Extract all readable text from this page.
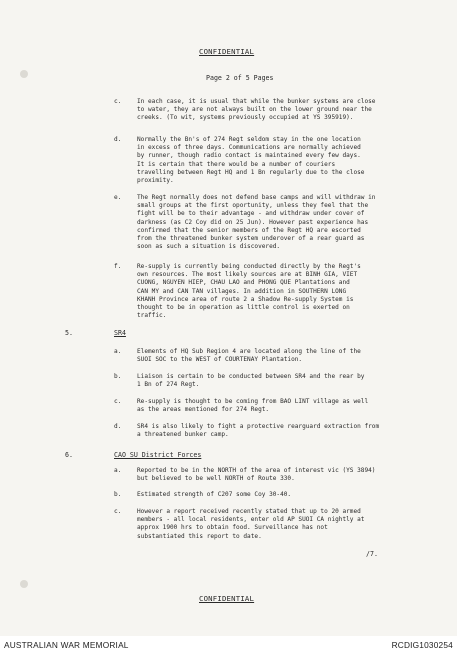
CONFIDENTIAL
Page 2 of 5 Pages
c.	In each case, it is usual that while the bunker systems are close
to water, they are not always built on the lower ground near the
creeks. (To wit, systems previously occupied at YS 395919).
d.	Normally the Bn's of 274 Regt seldom stay in the one location
in excess of three days. Communications are normally achieved
by runner, though radio contact is maintained every few days.
It is certain that there would be a number of couriers
travelling between Regt HQ and 1 Bn regularly due to the close
proximity.
e.	The Regt normally does not defend base camps and will withdraw in
small groups at the first oportunity, unless they feel that the
fight will be to their advantage - and withdraw under cover of
darkness (as C2 Coy did on 25 Jun). However past experience has
confirmed that the senior members of the Regt HQ are escorted
from the threatened bunker system underover of a rear guard as
soon as such a situation is discovered.
f.	Re-supply is currently being conducted directly by the Regt's
own resources. The most likely sources are at BINH GIA, VIET
CUONG, NGUYEN HIEP, CHAU LAO and PHONG QUE Plantations and
CAN MY and CAN TAN villages. In addition in SOUTHERN LONG
KHANH Province area of route 2 a Shadow Re-supply System is
thought to be in operation as little control is exerted on
traffic.
5.	SR4
a.	Elements of HQ Sub Region 4 are located along the line of the
SUOI SOC to the WEST of COURTENAY Plantation.
b.	Liaison is certain to be conducted between SR4 and the rear by
1 Bn of 274 Regt.
c.	Re-supply is thought to be coming from BAO LINT village as well
as the areas mentioned for 274 Regt.
d.	SR4 is also likely to fight a protective rearguard extraction from
a threatened bunker camp.
6.	CAO SU District Forces
a.	Reported to be in the NORTH of the area of interest vic (YS 3894)
but believed to be well NORTH of Route 330.
b.	Estimated strength of C207 some Coy 30-40.
c.	However a report received recently stated that up to 20 armed
members - all local residents, enter old AP SUOI CA nightly at
approx 1900 hrs to obtain food. Surveillance has not
substantiated this report to date.
/7.
CONFIDENTIAL
AUSTRALIAN WAR MEMORIAL	RCDIG1030254
